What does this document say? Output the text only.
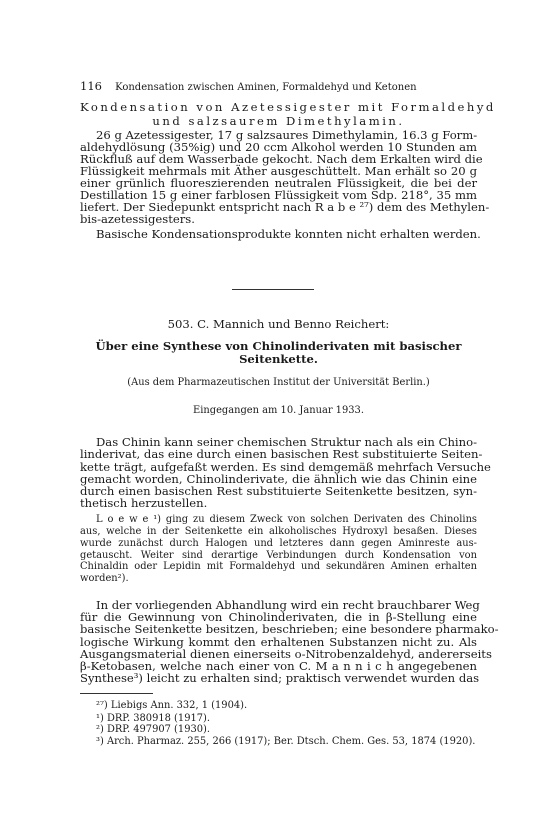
116 Kondensation zwischen Aminen, Formaldehyd und Ketonen
Kondensation von Azetessigester mit Formaldehyd
und salzsaurem Dimethylamin.
26 g Azetessigester, 17 g salzsaures Dimethylamin, 16.3 g Form-
aldehydlösung (35%ig) und 20 ccm Alkohol werden 10 Stunden am
Rückfluß auf dem Wasserbade gekocht. Nach dem Erkalten wird die
Flüssigkeit mehrmals mit Äther ausgeschüttelt. Man erhält so 20 g
einer grünlich fluoreszierenden neutralen Flüssigkeit, die bei der
Destillation 15 g einer farblosen Flüssigkeit vom Sdp. 218°, 35 mm
liefert. Der Siedepunkt entspricht nach R a b e ²⁷) dem des Methylen-
bis-azetessigesters.
Basische Kondensationsprodukte konnten nicht erhalten werden.
503. C. Mannich und Benno Reichert:
Über eine Synthese von Chinolinderivaten mit basischer
Seitenkette.
(Aus dem Pharmazeutischen Institut der Universität Berlin.)
Eingegangen am 10. Januar 1933.
Das Chinin kann seiner chemischen Struktur nach als ein Chino-
linderivat, das eine durch einen basischen Rest substituierte Seiten-
kette trägt, aufgefaßt werden. Es sind demgemäß mehrfach Versuche
gemacht worden, Chinolinderivate, die ähnlich wie das Chinin eine
durch einen basischen Rest substituierte Seitenkette besitzen, syn-
thetisch herzustellen.
L o e w e ¹) ging zu diesem Zweck von solchen Derivaten des Chinolins
aus, welche in der Seitenkette ein alkoholisches Hydroxyl besaßen. Dieses
wurde zunächst durch Halogen und letzteres dann gegen Aminreste aus-
getauscht. Weiter sind derartige Verbindungen durch Kondensation von
Chinaldin oder Lepidin mit Formaldehyd und sekundären Aminen erhalten
worden²).
In der vorliegenden Abhandlung wird ein recht brauchbarer Weg
für die Gewinnung von Chinolinderivaten, die in β-Stellung eine
basische Seitenkette besitzen, beschrieben; eine besondere pharmako-
logische Wirkung kommt den erhaltenen Substanzen nicht zu. Als
Ausgangsmaterial dienen einerseits o-Nitrobenzaldehyd, andererseits
β-Ketobasen, welche nach einer von C. M a n n i c h angegebenen
Synthese³) leicht zu erhalten sind; praktisch verwendet wurden das
²⁷) Liebigs Ann. 332, 1 (1904).
¹) DRP. 380918 (1917).
²) DRP. 497907 (1930).
³) Arch. Pharmaz. 255, 266 (1917); Ber. Dtsch. Chem. Ges. 53, 1874 (1920).
